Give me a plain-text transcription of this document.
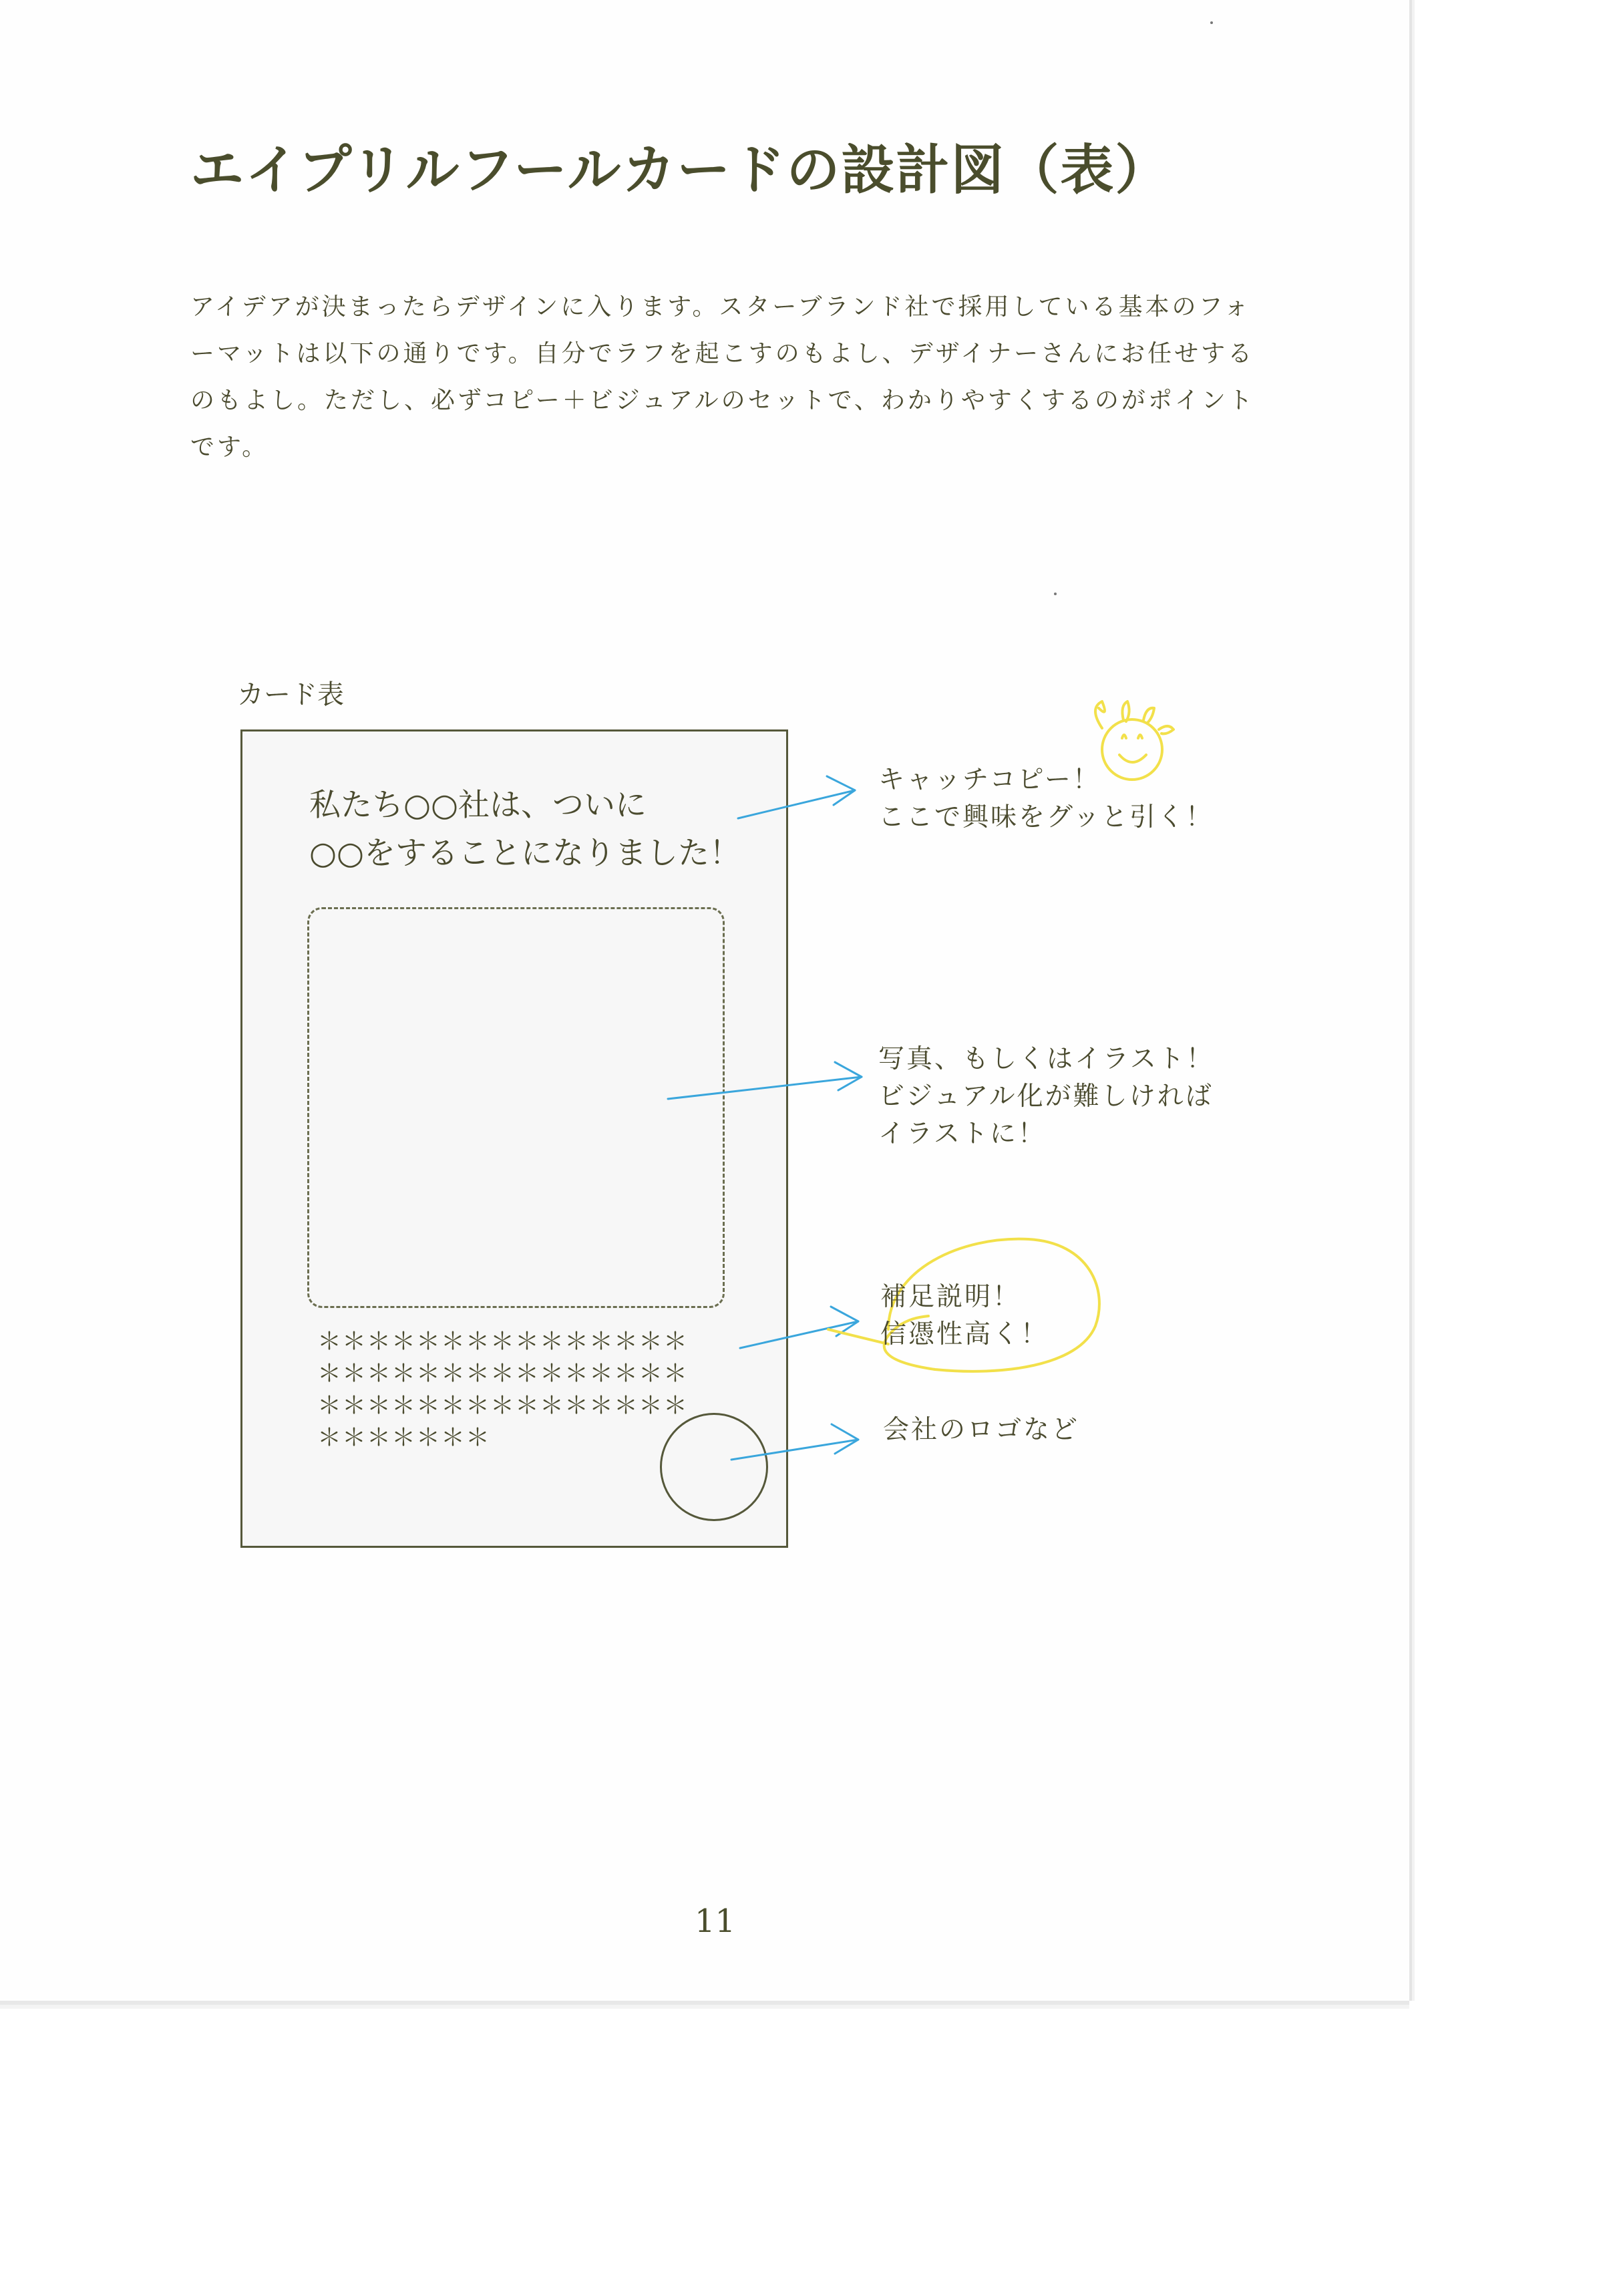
エイプリルフールカードの設計図（表）
アイデアが決まったらデザインに入ります。スターブランド社で採用している基本のフォ
ーマットは以下の通りです。自分でラフを起こすのもよし、デザイナーさんにお任せする
のもよし。ただし、必ずコピー＋ビジュアルのセットで、わかりやすくするのがポイント
です。
カード表
私たち○○社は、ついに
○○をすることになりました！
＊＊＊＊＊＊＊＊＊＊＊＊＊＊＊
＊＊＊＊＊＊＊＊＊＊＊＊＊＊＊
＊＊＊＊＊＊＊＊＊＊＊＊＊＊＊
＊＊＊＊＊＊＊
キャッチコピー！
ここで興味をグッと引く！
写真、もしくはイラスト！
ビジュアル化が難しければ
イラストに！
補足説明！
信憑性高く！
会社のロゴなど
11
